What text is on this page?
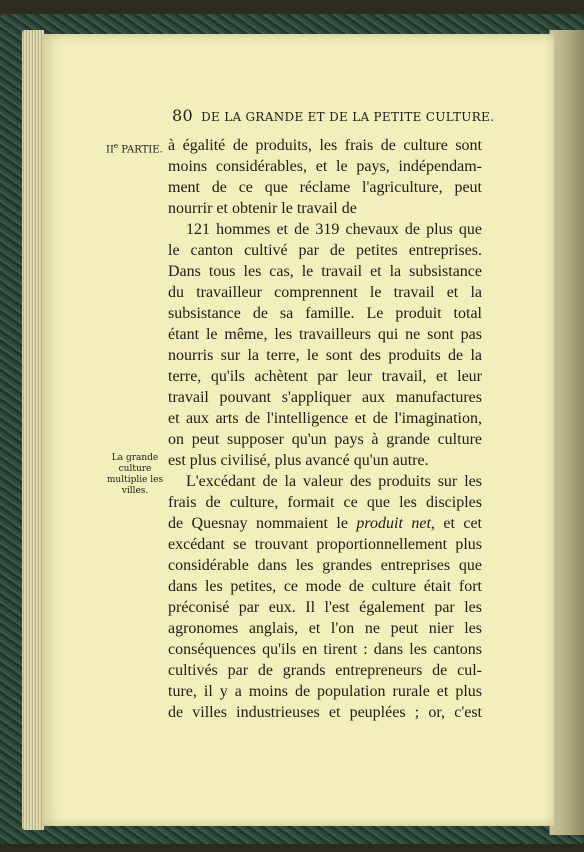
80 DE LA GRANDE ET DE LA PETITE CULTURE.
IIe PARTIE.
La grande
culture
multiplie les
villes.
à égalité de produits, les frais de culture sont
moins considérables, et le pays, indépendam-
ment de ce que réclame l'agriculture, peut
nourrir et obtenir le travail de
121 hommes et de 319 chevaux de plus que
le canton cultivé par de petites entreprises.
Dans tous les cas, le travail et la subsistance
du travailleur comprennent le travail et la
subsistance de sa famille. Le produit total
étant le même, les travailleurs qui ne sont pas
nourris sur la terre, le sont des produits de la
terre, qu'ils achètent par leur travail, et leur
travail pouvant s'appliquer aux manufactures
et aux arts de l'intelligence et de l'imagination,
on peut supposer qu'un pays à grande culture
est plus civilisé, plus avancé qu'un autre.
L'excédant de la valeur des produits sur les
frais de culture, formait ce que les disciples
de Quesnay nommaient le produit net, et cet
excédant se trouvant proportionnellement plus
considérable dans les grandes entreprises que
dans les petites, ce mode de culture était fort
préconisé par eux. Il l'est également par les
agronomes anglais, et l'on ne peut nier les
conséquences qu'ils en tirent : dans les cantons
cultivés par de grands entrepreneurs de cul-
ture, il y a moins de population rurale et plus
de villes industrieuses et peuplées ; or, c'est
